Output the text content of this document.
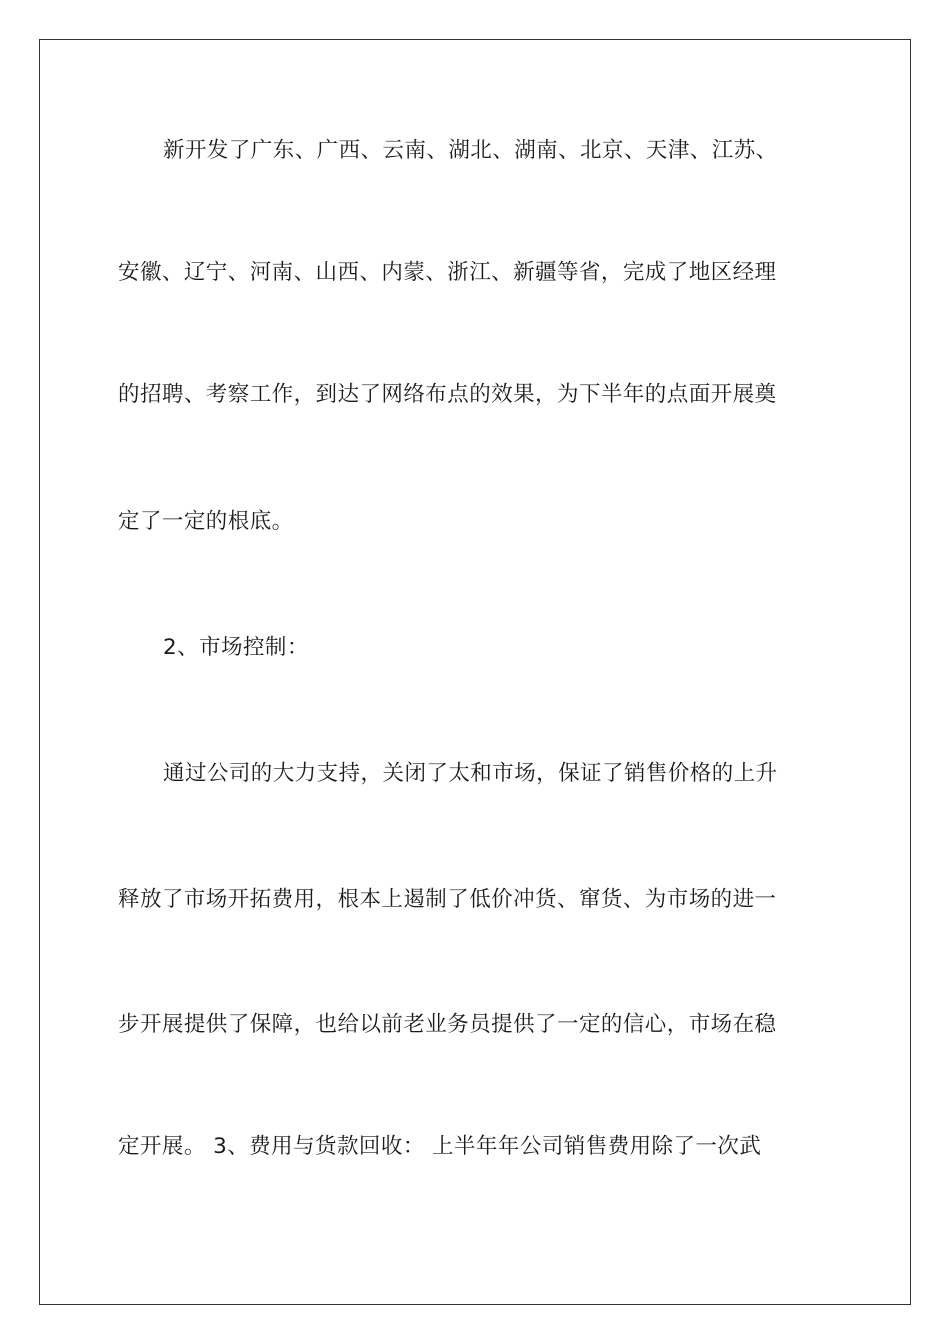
新开发了广东、广西、云南、湖北、湖南、北京、天津、江苏、
安徽、辽宁、河南、山西、内蒙、浙江、新疆等省，完成了地区经理
的招聘、考察工作，到达了网络布点的效果，为下半年的点面开展奠
定了一定的根底。
2、市场控制：
通过公司的大力支持，关闭了太和市场，保证了销售价格的上升
释放了市场开拓费用，根本上遏制了低价冲货、窜货、为市场的进一
步开展提供了保障，也给以前老业务员提供了一定的信心，市场在稳
定开展。 3、费用与货款回收： 上半年年公司销售费用除了一次武
